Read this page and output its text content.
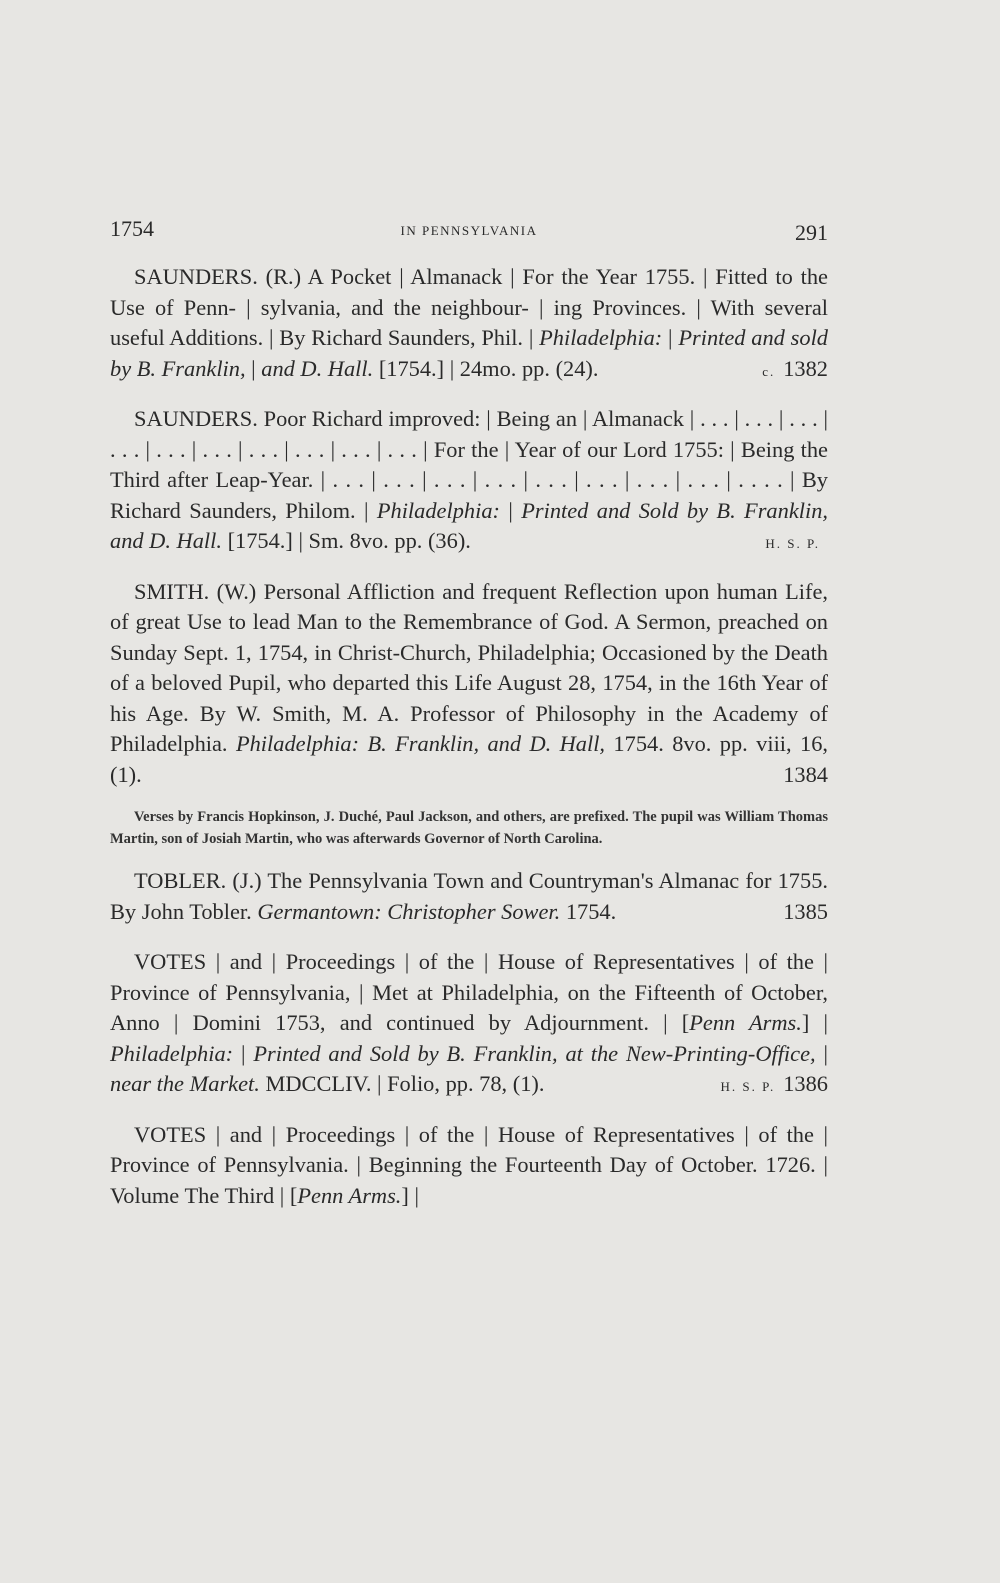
1754	IN PENNSYLVANIA	291

SAUNDERS. (R.) A Pocket | Almanack | For the Year 1755. | Fitted to the Use of Penn- | sylvania, and the neighbour- | ing Provinces. | With several useful Additions. | By Richard Saunders, Phil. | Philadelphia: | Printed and sold by B. Franklin, | and D. Hall. [1754.] | 24mo. pp. (24).	c. 1382

SAUNDERS. Poor Richard improved: | Being an | Almanack | . . . | . . . | . . . | . . . | . . . | . . . | . . . | . . . | . . . | . . . | For the | Year of our Lord 1755: | Being the Third after Leap-Year. | . . . | . . . | . . . | . . . | . . . | . . . | . . . | . . . | . . . . | By Richard Saunders, Philom. | Philadelphia: | Printed and Sold by B. Franklin, and D. Hall. [1754.] | Sm. 8vo. pp. (36).	H. S. P.

SMITH. (W.) Personal Affliction and frequent Reflection upon human Life, of great Use to lead Man to the Remembrance of God. A Sermon, preached on Sunday Sept. 1, 1754, in Christ-Church, Philadelphia; Occasioned by the Death of a beloved Pupil, who departed this Life August 28, 1754, in the 16th Year of his Age. By W. Smith, M. A. Professor of Philosophy in the Academy of Philadelphia. Philadelphia: B. Franklin, and D. Hall, 1754. 8vo. pp. viii, 16, (1).	1384

Verses by Francis Hopkinson, J. Duché, Paul Jackson, and others, are prefixed. The pupil was William Thomas Martin, son of Josiah Martin, who was afterwards Governor of North Carolina.

TOBLER. (J.) The Pennsylvania Town and Countryman's Almanac for 1755. By John Tobler. Germantown: Christopher Sower. 1754.	1385

VOTES | and | Proceedings | of the | House of Representatives | of the | Province of Pennsylvania, | Met at Philadelphia, on the Fifteenth of October, Anno | Domini 1753, and continued by Adjournment. | [Penn Arms.] | Philadelphia: | Printed and Sold by B. Franklin, at the New-Printing-Office, | near the Market. MDCCLIV. | Folio, pp. 78, (1).	H. S. P. 1386

VOTES | and | Proceedings | of the | House of Representatives | of the | Province of Pennsylvania. | Beginning the Fourteenth Day of October. 1726. | Volume The Third | [Penn Arms.] |
